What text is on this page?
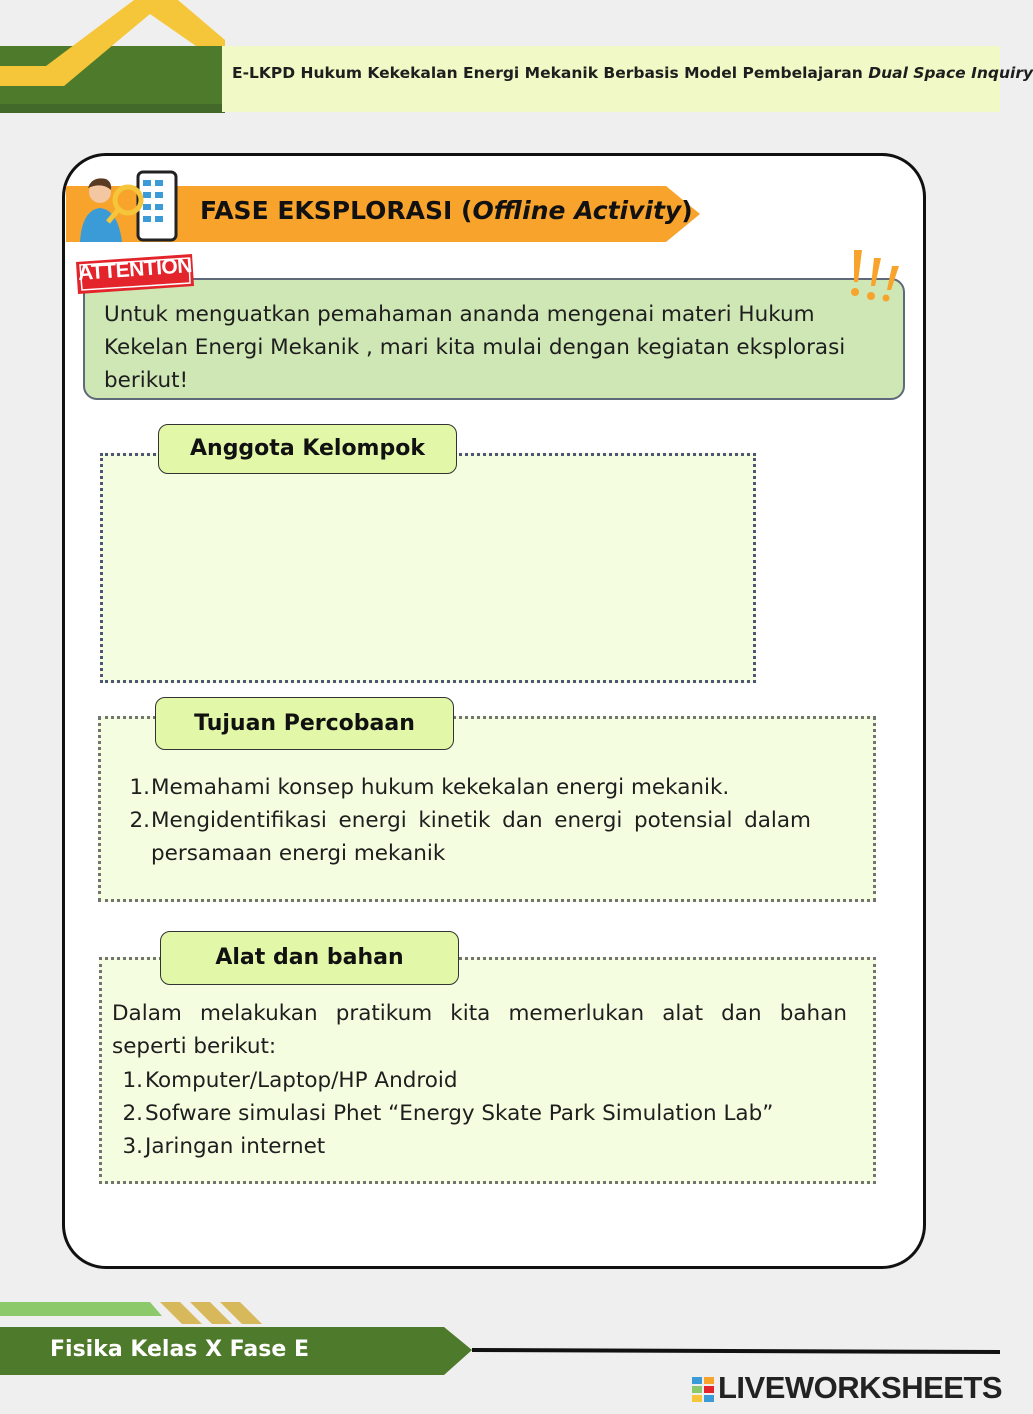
E-LKPD Hukum Kekekalan Energi Mekanik Berbasis Model Pembelajaran Dual Space Inquiry
FASE EKSPLORASI (Offline Activity)
ATTENTION
Untuk menguatkan pemahaman ananda mengenai materi Hukum Kekelan Energi Mekanik , mari kita mulai dengan kegiatan eksplorasi berikut!
Anggota Kelompok
Tujuan Percobaan
1. Memahami konsep hukum kekekalan energi mekanik.
2. Mengidentifikasi energi kinetik dan energi potensial dalam persamaan energi mekanik
Alat dan bahan
Dalam melakukan pratikum kita memerlukan alat dan bahan seperti berikut:
1. Komputer/Laptop/HP Android
2. Sofware simulasi Phet “Energy Skate Park Simulation Lab”
3. Jaringan internet
Fisika Kelas X Fase E
LIVEWORKSHEETS
